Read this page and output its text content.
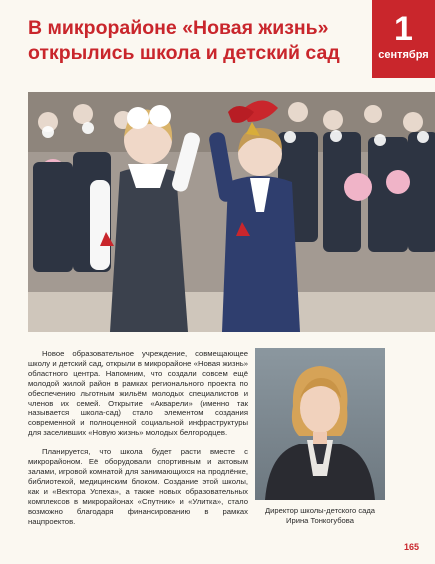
В микрорайоне «Новая жизнь»
открылись школа и детский сад
1
сентября

Новое образовательное учреждение, совмещающее школу и детский сад, открыли в микрорайоне «Новая жизнь» областного центра. Напомним, что создали совсем ещё молодой жилой район в рамках регионального проекта по обеспечению льготным жильём молодых специалистов и членов их семей. Открытие «Акварели» (именно так называется школа-сад) стало элементом создания современной и полноценной социальной инфраструктуры для заселивших «Новую жизнь» молодых белгородцев.

Планируется, что школа будет расти вместе с микрорайоном. Её оборудовали спортивным и актовым залами, игровой комнатой для занимающихся на продлёнке, библиотекой, медицинским блоком. Создание этой школы, как и «Вектора Успеха», а также новых образовательных комплексов в микрорайонах «Спутник» и «Улитка», стало возможно благодаря финансированию в рамках нацпроектов.

Директор школы-детского сада
Ирина Тонкогубова
165
